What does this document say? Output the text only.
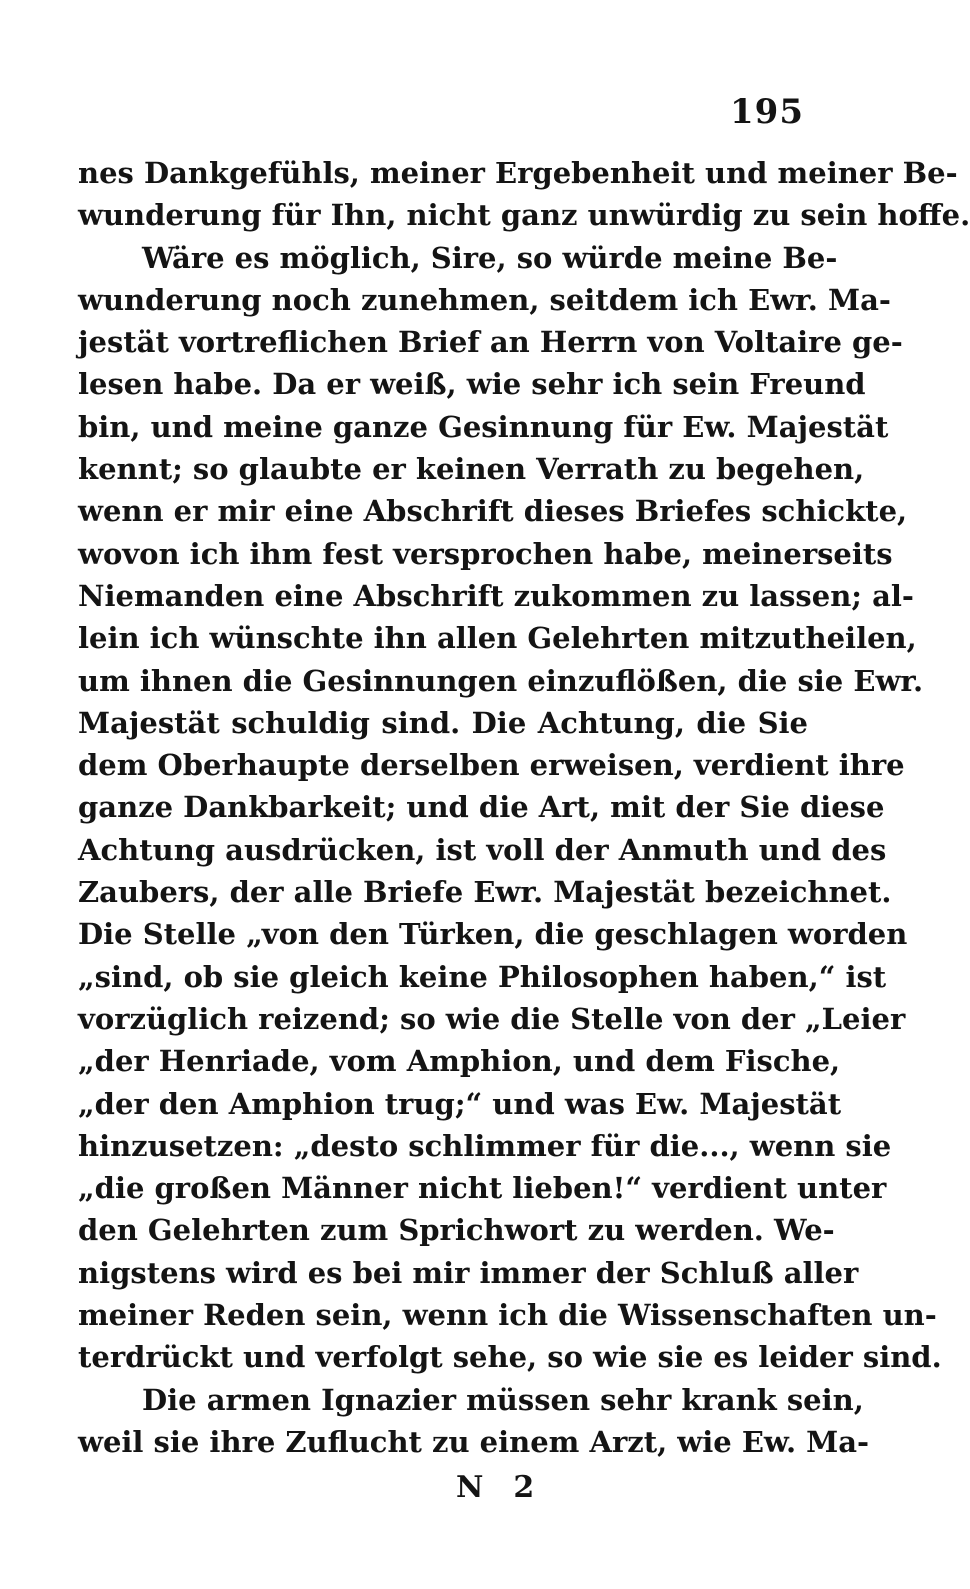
195
nes Dankgefühls, meiner Ergebenheit und meiner Be-
wunderung für Ihn, nicht ganz unwürdig zu sein hoffe.
Wäre es möglich, Sire, so würde meine Be-
wunderung noch zunehmen, seitdem ich Ewr. Ma-
jestät vortreflichen Brief an Herrn von Voltaire ge-
lesen habe. Da er weiß, wie sehr ich sein Freund
bin, und meine ganze Gesinnung für Ew. Majestät
kennt; so glaubte er keinen Verrath zu begehen,
wenn er mir eine Abschrift dieses Briefes schickte,
wovon ich ihm fest versprochen habe, meinerseits
Niemanden eine Abschrift zukommen zu lassen; al-
lein ich wünschte ihn allen Gelehrten mitzutheilen,
um ihnen die Gesinnungen einzuflößen, die sie Ewr.
Majestät schuldig sind. Die Achtung, die Sie
dem Oberhaupte derselben erweisen, verdient ihre
ganze Dankbarkeit; und die Art, mit der Sie diese
Achtung ausdrücken, ist voll der Anmuth und des
Zaubers, der alle Briefe Ewr. Majestät bezeichnet.
Die Stelle „von den Türken, die geschlagen worden
„sind, ob sie gleich keine Philosophen haben,“ ist
vorzüglich reizend; so wie die Stelle von der „Leier
„der Henriade, vom Amphion, und dem Fische,
„der den Amphion trug;“ und was Ew. Majestät
hinzusetzen: „desto schlimmer für die..., wenn sie
„die großen Männer nicht lieben!“ verdient unter
den Gelehrten zum Sprichwort zu werden. We-
nigstens wird es bei mir immer der Schluß aller
meiner Reden sein, wenn ich die Wissenschaften un-
terdrückt und verfolgt sehe, so wie sie es leider sind.
Die armen Ignazier müssen sehr krank sein,
weil sie ihre Zuflucht zu einem Arzt, wie Ew. Ma-
N 2
